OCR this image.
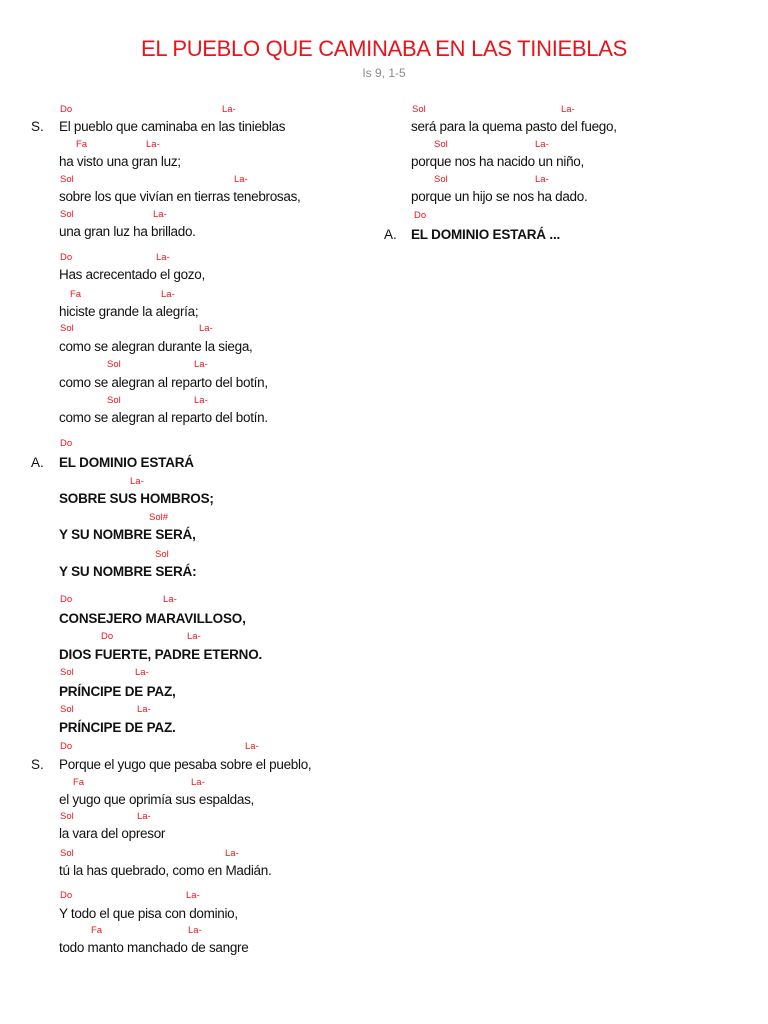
EL PUEBLO QUE CAMINABA EN LAS TINIEBLAS
Is 9, 1-5
S.
A.
S.
Do	La-
El pueblo que caminaba en las tinieblas
Fa	La-
ha visto una gran luz;
Sol	La-
sobre los que vivían en tierras tenebrosas,
Sol	La-
una gran luz ha brillado.
Do	La-
Has acrecentado el gozo,
Fa	La-
hiciste grande la alegría;
Sol	La-
como se alegran durante la siega,
Sol	La-
como se alegran al reparto del botín,
Sol	La-
como se alegran al reparto del botín.
Do
EL DOMINIO ESTARÁ
La-
SOBRE SUS HOMBROS;
Sol#
Y SU NOMBRE SERÁ,
Sol
Y SU NOMBRE SERÁ:
Do	La-
CONSEJERO MARAVILLOSO,
Do	La-
DIOS FUERTE, PADRE ETERNO.
Sol	La-
PRÍNCIPE DE PAZ,
Sol	La-
PRÍNCIPE DE PAZ.
Do	La-
Porque el yugo que pesaba sobre el pueblo,
Fa	La-
el yugo que oprimía sus espaldas,
Sol	La-
la vara del opresor
Sol	La-
tú la has quebrado, como en Madián.
Do	La-
Y todo el que pisa con dominio,
Fa	La-
todo manto manchado de sangre
Sol	La-
será para la quema pasto del fuego,
Sol	La-
porque nos ha nacido un niño,
Sol	La-
porque un hijo se nos ha dado.
A.
Do
EL DOMINIO ESTARÁ ...
